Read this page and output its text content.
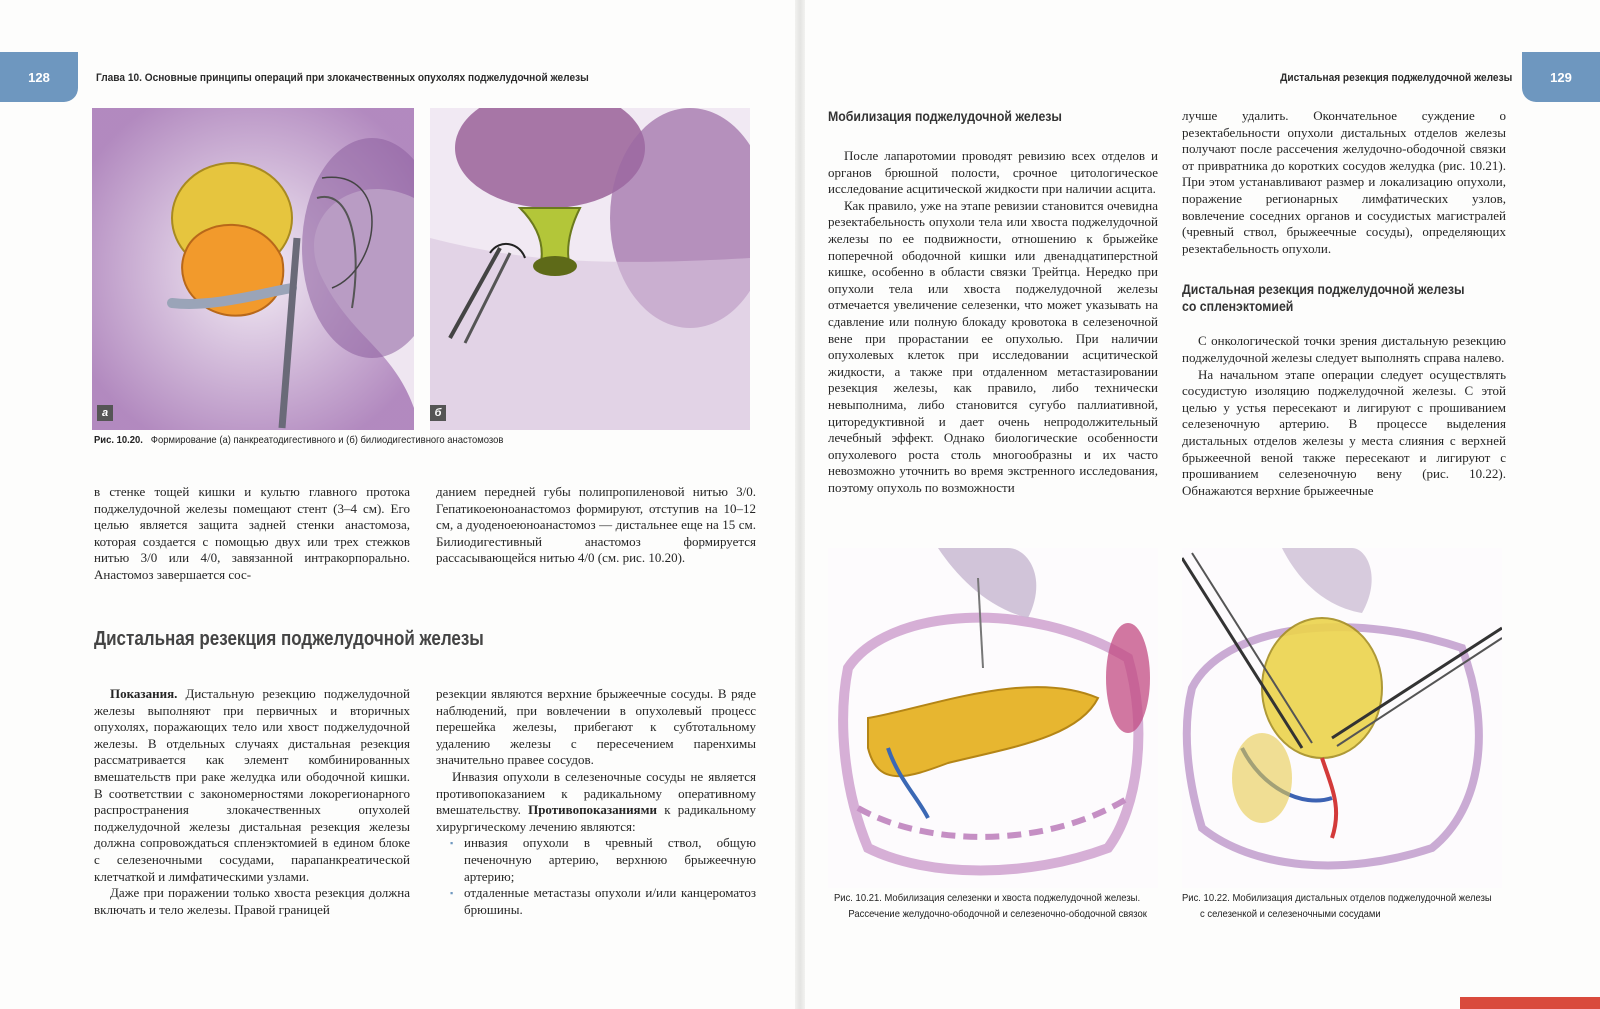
128	Глава 10. Основные принципы операций при злокачественных опухолях поджелудочной железы	129
Дистальная резекция поджелудочной железы
а	б
Рис. 10.20. Формирование (а) панкреатодигестивного и (б) билиодигестивного анастомозов

в стенке тощей кишки и культю главного протока поджелудочной железы помещают стент (3–4 см). Его целью является защита задней стенки анастомоза, которая создается с помощью двух или трех стежков нитью 3/0 или 4/0, завязанной интракорпорально. Анастомоз завершается сос-

данием передней губы полипропиленовой нитью 3/0. Гепатикоеюноанастомоз формируют, отступив на 10–12 см, а дуоденоеюноанастомоз — дистальнее еще на 15 см. Билиодигестивный анастомоз формируется рассасывающейся нитью 4/0 (см. рис. 10.20).

Дистальная резекция поджелудочной железы

Показания. Дистальную резекцию поджелудочной железы выполняют при первичных и вторичных опухолях, поражающих тело или хвост поджелудочной железы. В отдельных случаях дистальная резекция рассматривается как элемент комбинированных вмешательств при раке желудка или ободочной кишки. В соответствии с закономерностями локорегионарного распространения злокачественных опухолей поджелудочной железы дистальная резекция железы должна сопровождаться спленэктомией в едином блоке с селезеночными сосудами, парапанкреатической клетчаткой и лимфатическими узлами.

Даже при поражении только хвоста резекция должна включать и тело железы. Правой границей

резекции являются верхние брыжеечные сосуды. В ряде наблюдений, при вовлечении в опухолевый процесс перешейка железы, прибегают к субтотальному удалению железы с пересечением паренхимы значительно правее сосудов.

Инвазия опухоли в селезеночные сосуды не является противопоказанием к радикальному оперативному вмешательству. Противопоказаниями к радикальному хирургическому лечению являются:

▪ инвазия опухоли в чревный ствол, общую печеночную артерию, верхнюю брыжеечную артерию;
▪ отдаленные метастазы опухоли и/или канцероматоз брюшины.
Мобилизация поджелудочной железы

После лапаротомии проводят ревизию всех отделов и органов брюшной полости, срочное цитологическое исследование асцитической жидкости при наличии асцита.

Как правило, уже на этапе ревизии становится очевидна резектабельность опухоли тела или хвоста поджелудочной железы по ее подвижности, отношению к брыжейке поперечной ободочной кишки или двенадцатиперстной кишке, особенно в области связки Трейтца. Нередко при опухоли тела или хвоста поджелудочной железы отмечается увеличение селезенки, что может указывать на сдавление или полную блокаду кровотока в селезеночной вене при прорастании ее опухолью. При наличии опухолевых клеток при исследовании асцитической жидкости, а также при отдаленном метастазировании резекция железы, как правило, либо технически невыполнима, либо становится сугубо паллиативной, циторедуктивной и дает очень непродолжительный лечебный эффект. Однако биологические особенности опухолевого роста столь многообразны и их часто невозможно уточнить во время экстренного исследования, поэтому опухоль по возможности

лучше удалить. Окончательное суждение о резектабельности опухоли дистальных отделов железы получают после рассечения желудочно-ободочной связки от привратника до коротких сосудов желудка (рис. 10.21). При этом устанавливают размер и локализацию опухоли, поражение регионарных лимфатических узлов, вовлечение соседних органов и сосудистых магистралей (чревный ствол, брыжеечные сосуды), определяющих резектабельность опухоли.

Дистальная резекция поджелудочной железы
со спленэктомией

С онкологической точки зрения дистальную резекцию поджелудочной железы следует выполнять справа налево.

На начальном этапе операции следует осуществлять сосудистую изоляцию поджелудочной железы. С этой целью у устья пересекают и лигируют с прошиванием селезеночную артерию. В процессе выделения дистальных отделов железы у места слияния с верхней брыжеечной веной также пересекают и лигируют с прошиванием селезеночную вену (рис. 10.22). Обнажаются верхние брыжеечные

Рис. 10.21. Мобилизация селезенки и хвоста поджелудочной железы.
Рассечение желудочно-ободочной и селезеночно-ободочной связок
Рис. 10.22. Мобилизация дистальных отделов поджелудочной железы
с селезенкой и селезеночными сосудами
